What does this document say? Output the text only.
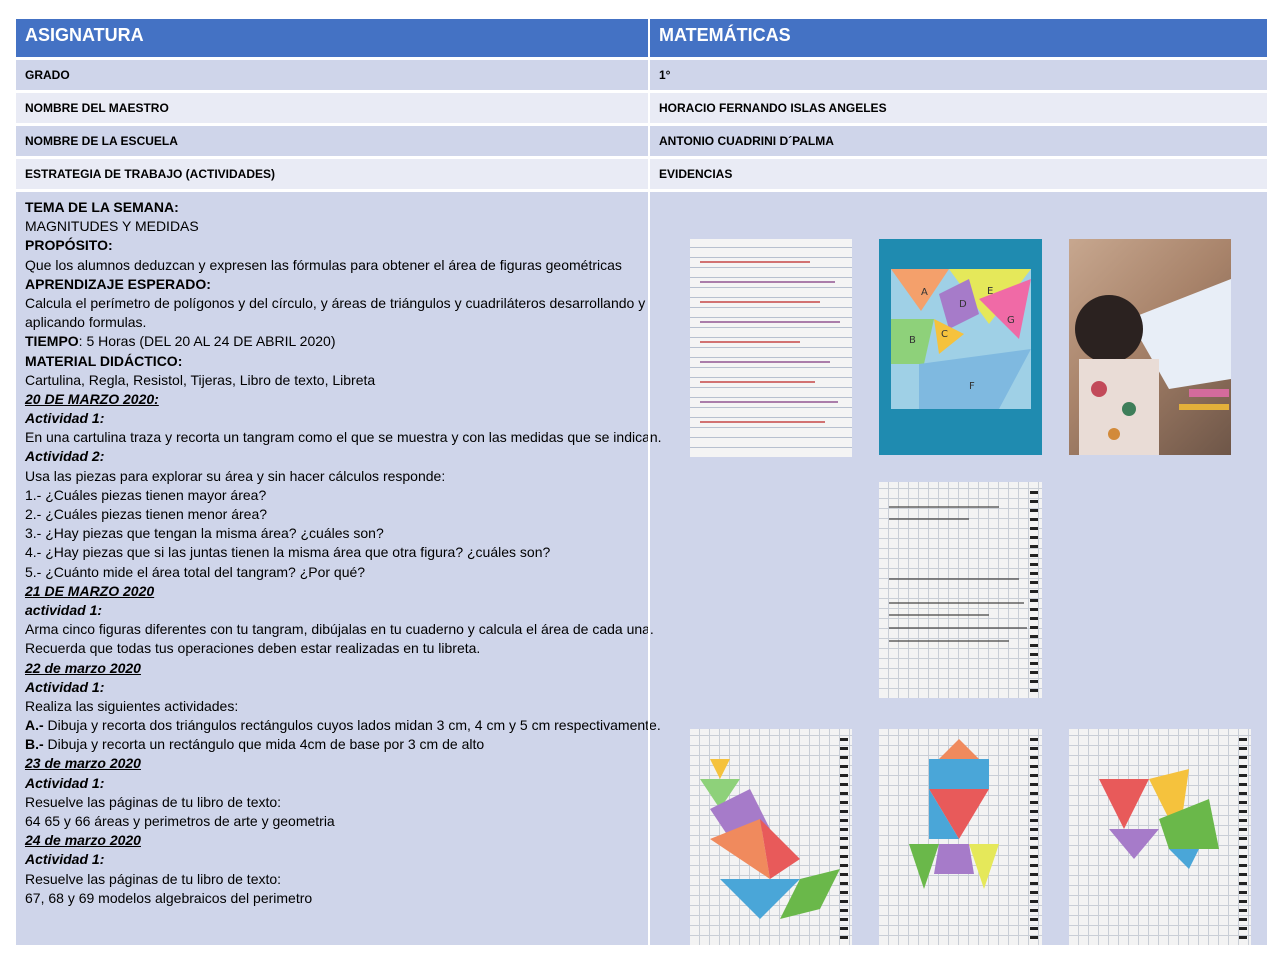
ASIGNATURA	MATEMÁTICAS
GRADO	1°
NOMBRE DEL MAESTRO	HORACIO FERNANDO ISLAS ANGELES
NOMBRE DE LA ESCUELA	ANTONIO CUADRINI D´PALMA
ESTRATEGIA DE TRABAJO (ACTIVIDADES)	EVIDENCIAS
TEMA DE LA SEMANA:
MAGNITUDES Y MEDIDAS
PROPÓSITO:
Que los alumnos deduzcan y expresen las fórmulas para obtener el área de figuras geométricas
APRENDIZAJE ESPERADO:
Calcula el perímetro de polígonos y del círculo, y áreas de triángulos y cuadriláteros desarrollando y
aplicando formulas.
TIEMPO: 5 Horas (DEL 20 AL 24 DE ABRIL 2020)
MATERIAL DIDÁCTICO:
Cartulina, Regla, Resistol, Tijeras, Libro de texto, Libreta
20 DE MARZO 2020:
Actividad 1:
En una cartulina traza y recorta un tangram como el que se muestra y con las medidas que se indican.
Actividad 2:
Usa las piezas para explorar su área y sin hacer cálculos responde:
1.- ¿Cuáles piezas tienen mayor área?
2.- ¿Cuáles piezas tienen menor área?
3.- ¿Hay piezas que tengan la misma área? ¿cuáles son?
4.- ¿Hay piezas que si las juntas tienen la misma área que otra figura? ¿cuáles son?
5.- ¿Cuánto mide el área total del tangram? ¿Por qué?
21 DE MARZO 2020
actividad 1:
Arma cinco figuras diferentes con tu tangram, dibújalas en tu cuaderno y calcula el área de cada una.
Recuerda que todas tus operaciones deben estar realizadas en tu libreta.
22 de marzo 2020
Actividad 1:
Realiza las siguientes actividades:
A.- Dibuja y recorta dos triángulos rectángulos cuyos lados midan 3 cm, 4 cm y 5 cm respectivamente.
B.- Dibuja y recorta un rectángulo que mida 4cm de base por 3 cm de alto
23 de marzo 2020
Actividad 1:
Resuelve las páginas de tu libro de texto:
64 65 y 66 áreas y perimetros de arte y geometria
24 de marzo 2020
Actividad 1:
Resuelve las páginas de tu libro de texto:
67, 68 y 69 modelos algebraicos del perimetro
A
D
E
G
B
C
F
